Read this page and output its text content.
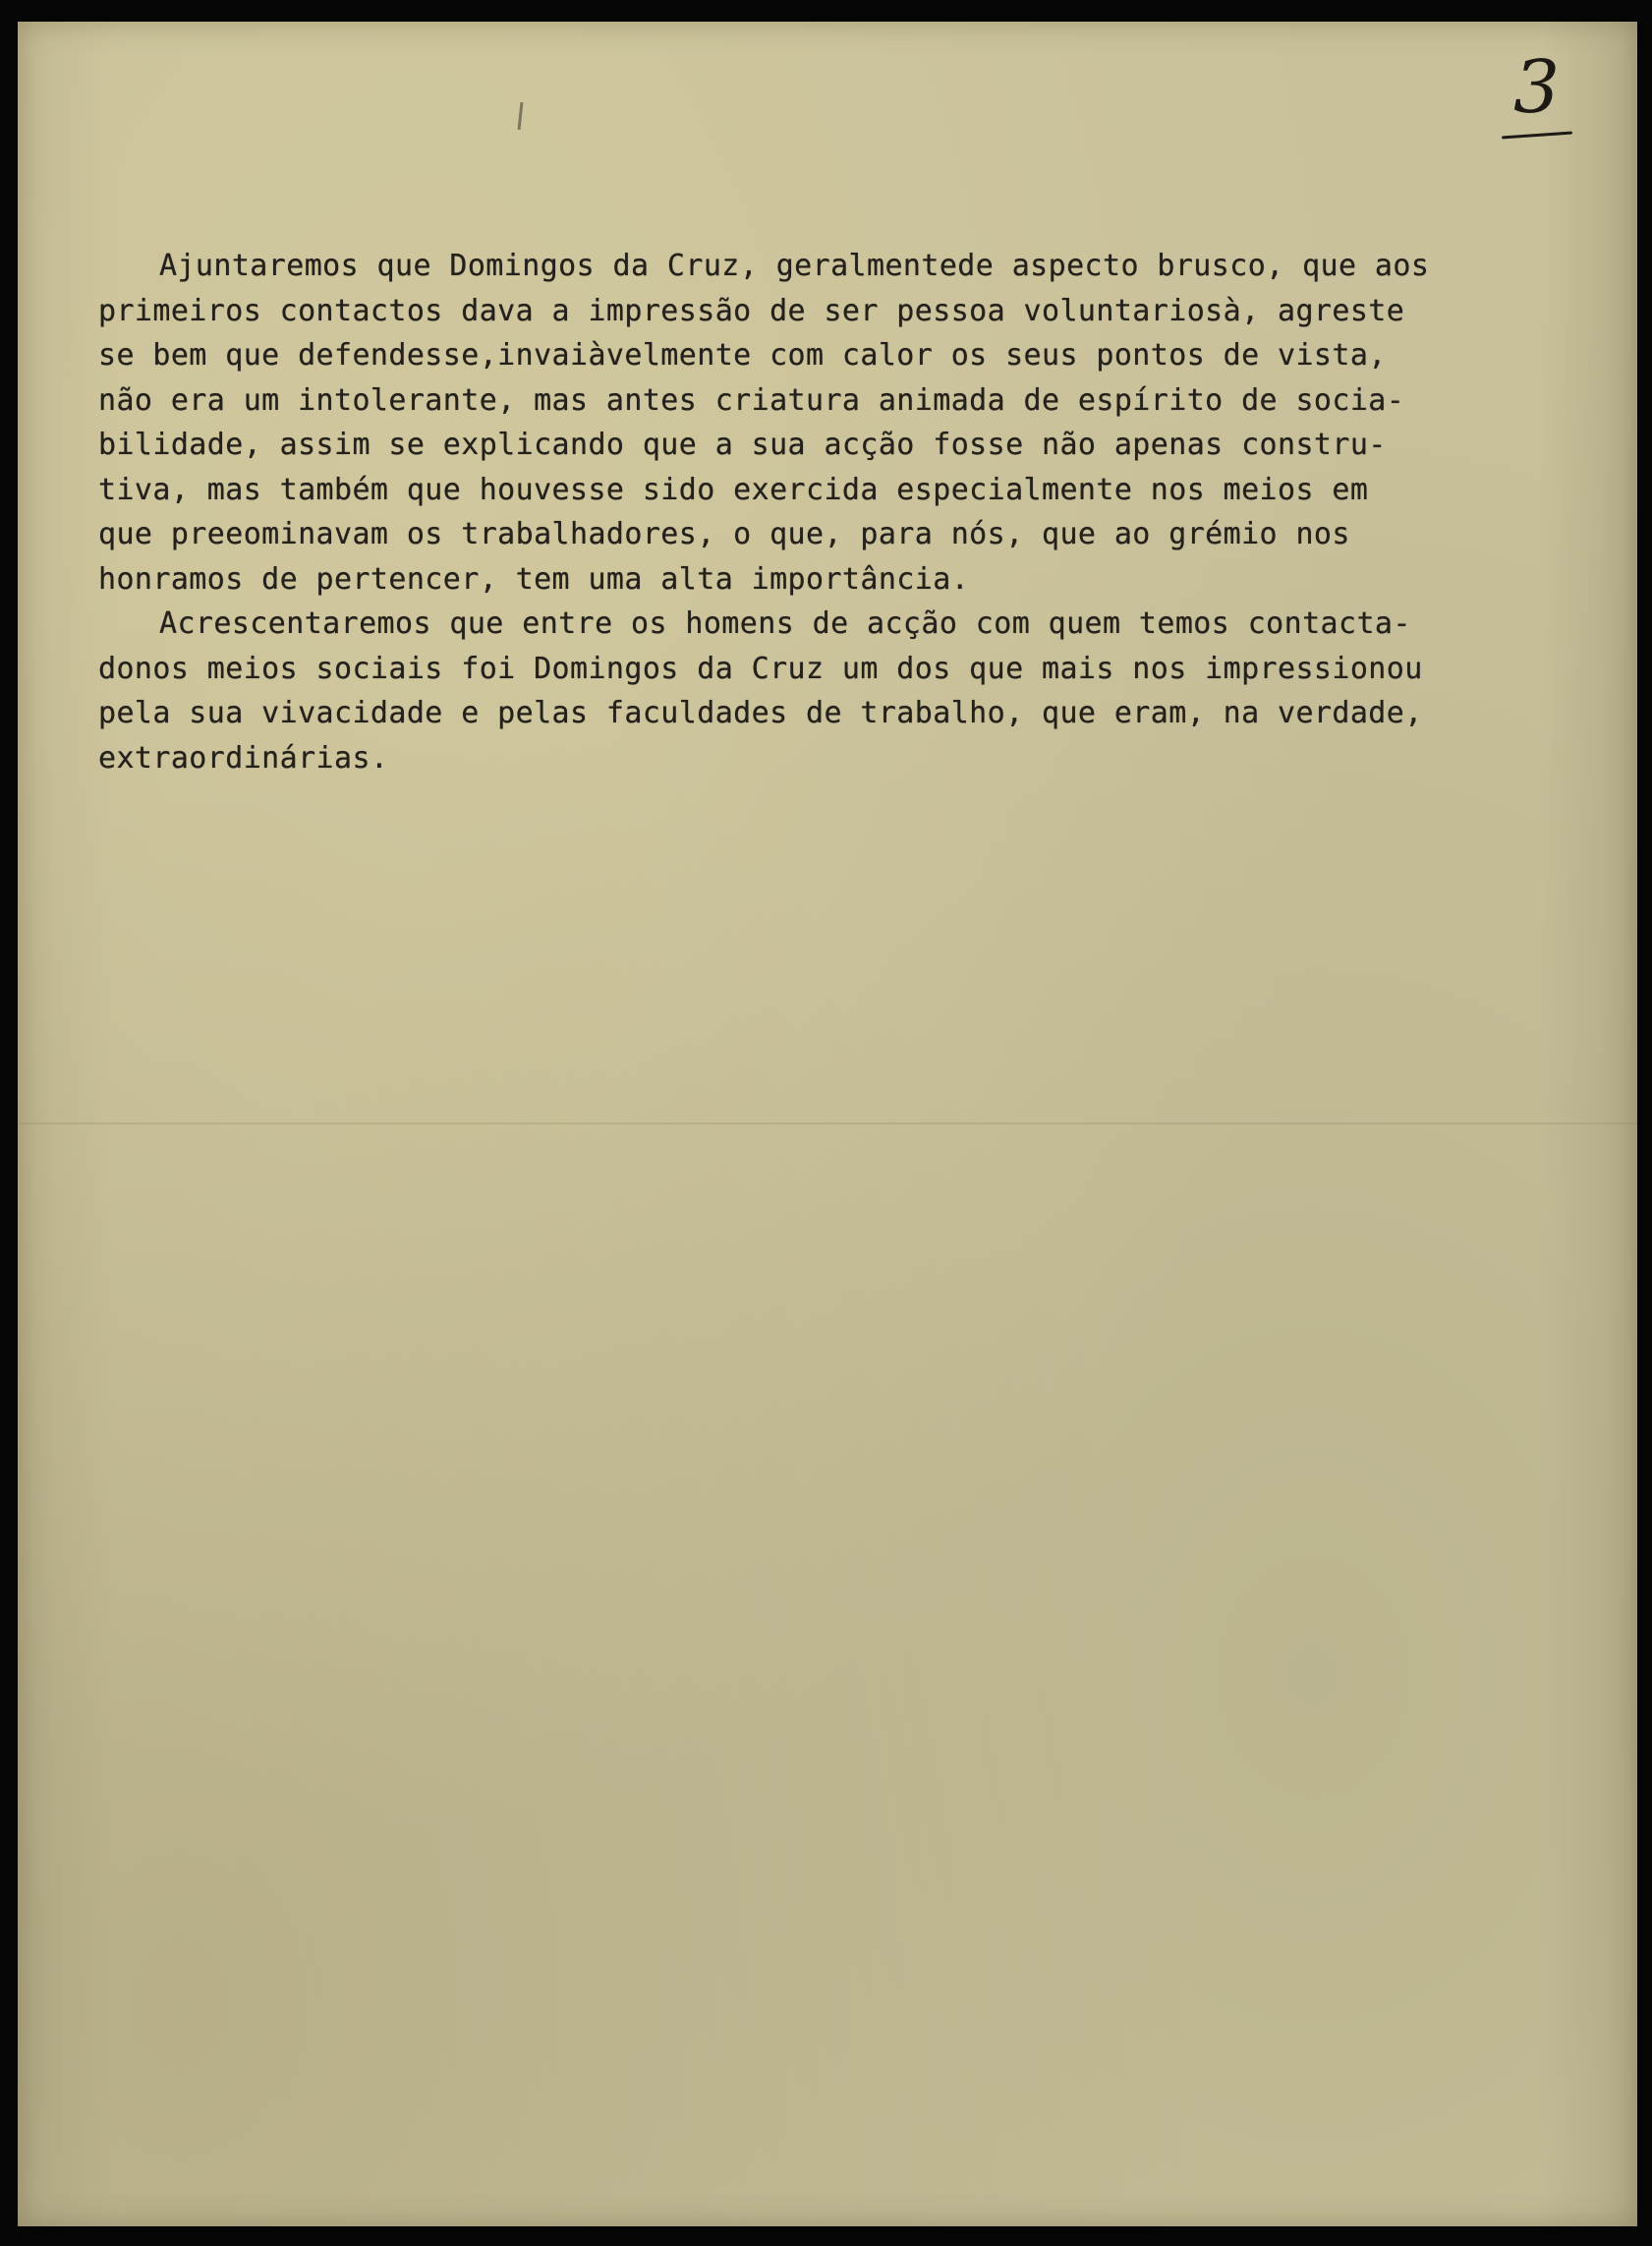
3
Ajuntaremos que Domingos da Cruz, geralmentede aspecto brusco, que aos
primeiros contactos dava a impressão de ser pessoa voluntariosà, agreste
se bem que defendesse,invaiàvelmente com calor os seus pontos de vista,
não era um intolerante, mas antes criatura animada de espírito de socia-
bilidade, assim se explicando que a sua acção fosse não apenas constru-
tiva, mas também que houvesse sido exercida especialmente nos meios em
que preeominavam os trabalhadores, o que, para nós, que ao grémio nos
honramos de pertencer, tem uma alta importância.
Acrescentaremos que entre os homens de acção com quem temos contacta-
donos meios sociais foi Domingos da Cruz um dos que mais nos impressionou
pela sua vivacidade e pelas faculdades de trabalho, que eram, na verdade,
extraordinárias.
